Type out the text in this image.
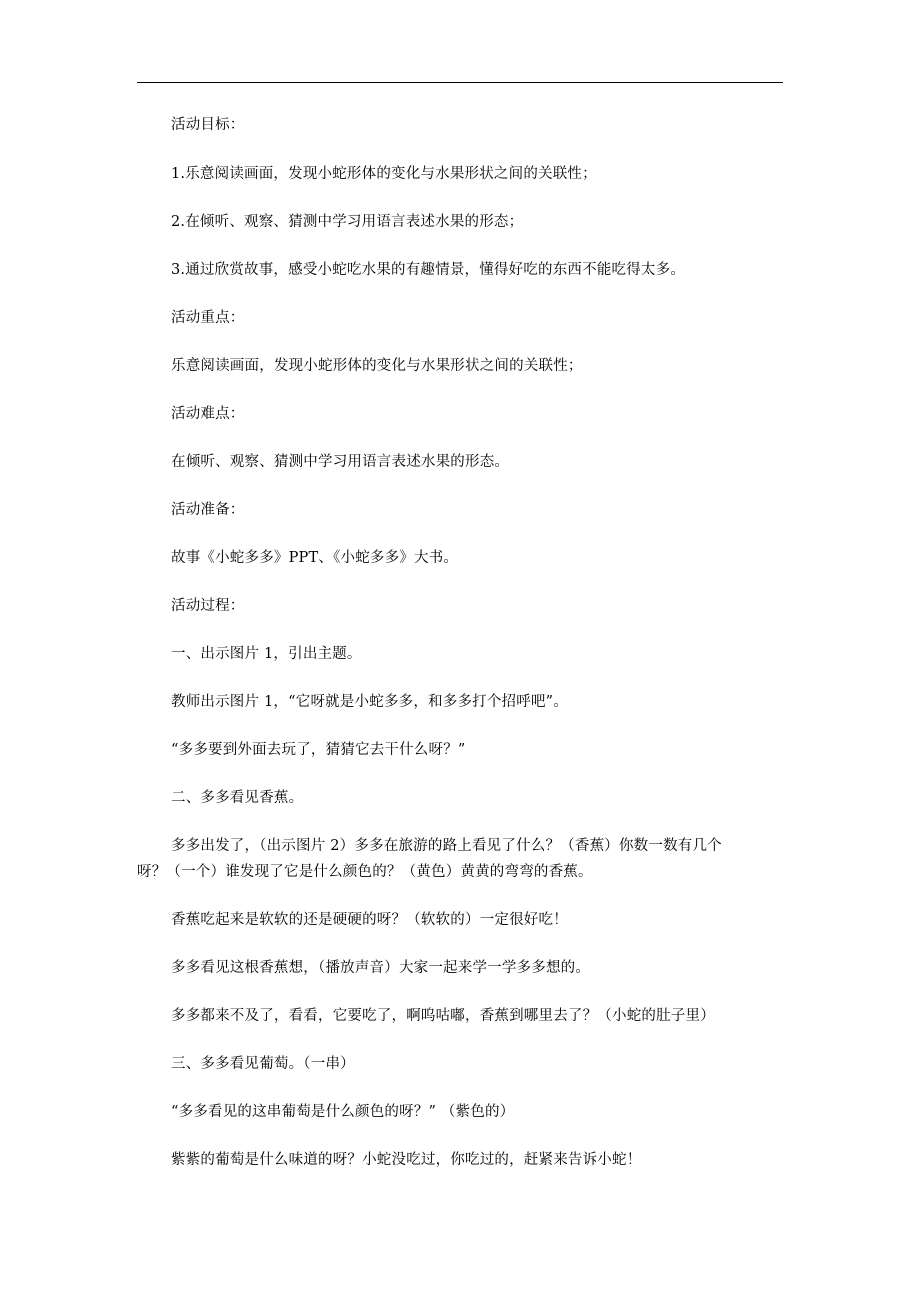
活动目标：
1.乐意阅读画面，发现小蛇形体的变化与水果形状之间的关联性；
2.在倾听、观察、猜测中学习用语言表述水果的形态；
3.通过欣赏故事，感受小蛇吃水果的有趣情景，懂得好吃的东西不能吃得太多。
活动重点：
乐意阅读画面，发现小蛇形体的变化与水果形状之间的关联性；
活动难点：
在倾听、观察、猜测中学习用语言表述水果的形态。
活动准备：
故事《小蛇多多》PPT、《小蛇多多》大书。
活动过程：
一、出示图片 1，引出主题。
教师出示图片 1，“它呀就是小蛇多多，和多多打个招呼吧”。
“多多要到外面去玩了，猜猜它去干什么呀？”
二、多多看见香蕉。
多多出发了，（出示图片 2）多多在旅游的路上看见了什么？（香蕉）你数一数有几个
呀？（一个）谁发现了它是什么颜色的？（黄色）黄黄的弯弯的香蕉。
香蕉吃起来是软软的还是硬硬的呀？（软软的）一定很好吃！
多多看见这根香蕉想，（播放声音）大家一起来学一学多多想的。
多多都来不及了，看看，它要吃了，啊呜咕嘟，香蕉到哪里去了？（小蛇的肚子里）
三、多多看见葡萄。（一串）
“多多看见的这串葡萄是什么颜色的呀？” （紫色的）
紫紫的葡萄是什么味道的呀？小蛇没吃过，你吃过的，赶紧来告诉小蛇！
